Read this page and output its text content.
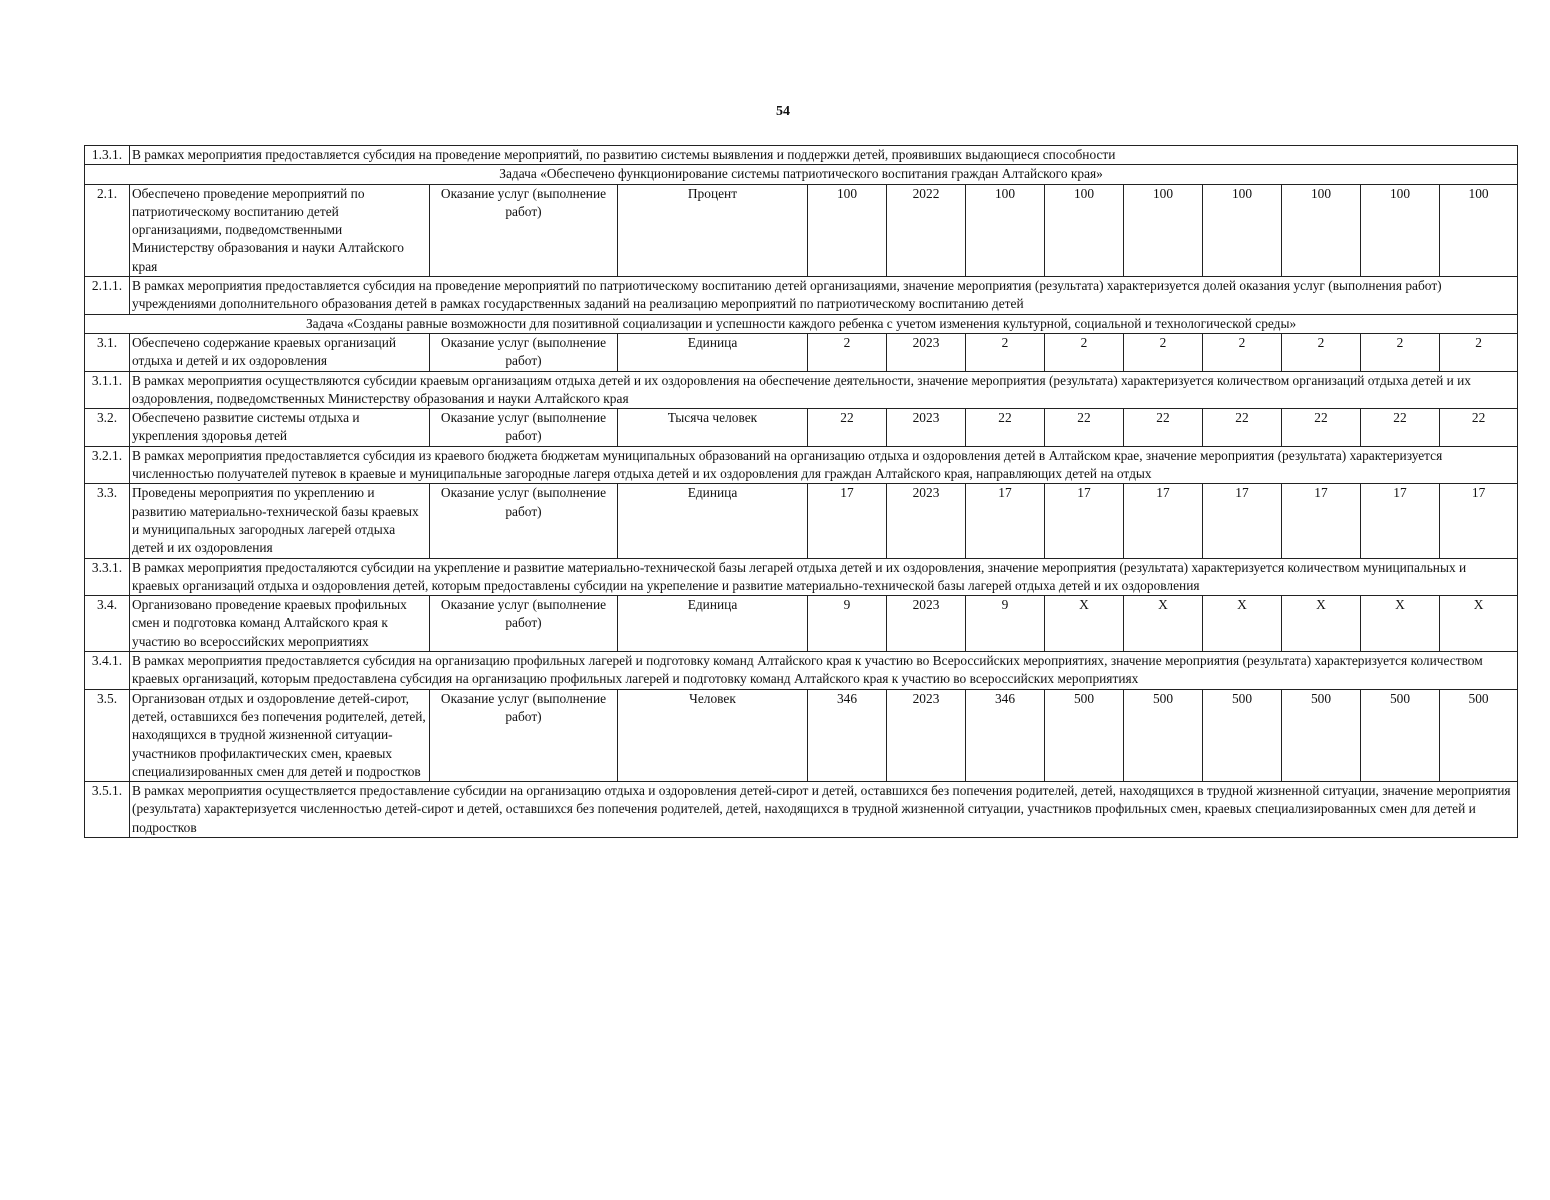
54
1.3.1.	В рамках мероприятия предоставляется субсидия на проведение мероприятий, по развитию системы выявления и поддержки детей, проявивших выдающиеся способности											
Задача «Обеспечено функционирование системы патриотического воспитания граждан Алтайского края»												
2.1.	Обеспечено проведение мероприятий по патриотическому воспитанию детей организациями, подведомственными Министерству образования и науки Алтайского края	Оказание услуг (выполнение работ)	Процент	100	2022	100	100	100	100	100	100	100
2.1.1.	В рамках мероприятия предоставляется субсидия на проведение мероприятий по патриотическому воспитанию детей организациями, значение мероприятия (результата) характеризуется долей оказания услуг (выполнения работ) учреждениями дополнительного образования детей в рамках государственных заданий на реализацию мероприятий по патриотическому воспитанию детей											
Задача «Созданы равные возможности для позитивной социализации и успешности каждого ребенка с учетом изменения культурной, социальной и технологической среды»												
3.1.	Обеспечено содержание краевых организаций отдыха и детей и их оздоровления	Оказание услуг (выполнение работ)	Единица	2	2023	2	2	2	2	2	2	2
3.1.1.	В рамках мероприятия осуществляются субсидии краевым организациям отдыха детей и их оздоровления на обеспечение деятельности, значение мероприятия (результата) характеризуется количеством организаций отдыха детей и их оздоровления, подведомственных Министерству образования и науки Алтайского края											
3.2.	Обеспечено развитие системы отдыха и укрепления здоровья детей	Оказание услуг (выполнение работ)	Тысяча человек	22	2023	22	22	22	22	22	22	22
3.2.1.	В рамках мероприятия предоставляется субсидия из краевого бюджета бюджетам муниципальных образований на организацию отдыха и оздоровления детей в Алтайском крае, значение мероприятия (результата) характеризуется численностью получателей путевок в краевые и муниципальные загородные лагеря отдыха детей и их оздоровления для граждан Алтайского края, направляющих детей на отдых											
3.3.	Проведены мероприятия по укреплению и развитию материально-технической базы краевых и муниципальных загородных лагерей отдыха детей и их оздоровления	Оказание услуг (выполнение работ)	Единица	17	2023	17	17	17	17	17	17	17
3.3.1.	В рамках мероприятия предосталяются субсидии на укрепление и развитие материально-технической базы легарей отдыха детей и их оздоровления, значение мероприятия (результата) характеризуется количеством муниципальных и краевых организаций отдыха и оздоровления детей, которым предоставлены субсидии на укрепеление и развитие материально-технической базы лагерей отдыха детей и их оздоровления											
3.4.	Организовано проведение краевых профильных смен и подготовка команд Алтайского края к участию во всероссийских мероприятиях	Оказание услуг (выполнение работ)	Единица	9	2023	9	X	X	X	X	X	X
3.4.1.	В рамках мероприятия предоставляется субсидия на организацию профильных лагерей и подготовку команд Алтайского края к участию во Всероссийских мероприятиях, значение мероприятия (результата) характеризуется количеством краевых организаций, которым предоставлена субсидия на организацию профильных лагерей и подготовку команд Алтайского края к участию во всероссийских мероприятиях											
3.5.	Организован отдых и оздоровление детей-сирот, детей, оставшихся без попечения родителей, детей, находящихся в трудной жизненной ситуации-участников профилактических смен, краевых специализированных смен для детей и подростков	Оказание услуг (выполнение работ)	Человек	346	2023	346	500	500	500	500	500	500
3.5.1.	В рамках мероприятия осуществляется предоставление субсидии на организацию отдыха и оздоровления детей-сирот и детей, оставшихся без попечения родителей, детей, находящихся в трудной жизненной ситуации, значение мероприятия (результата) характеризуется численностью детей-сирот и детей, оставшихся без попечения родителей, детей, находящихся в трудной жизненной ситуации, участников профильных смен, краевых специализированных смен для детей и подростков											
